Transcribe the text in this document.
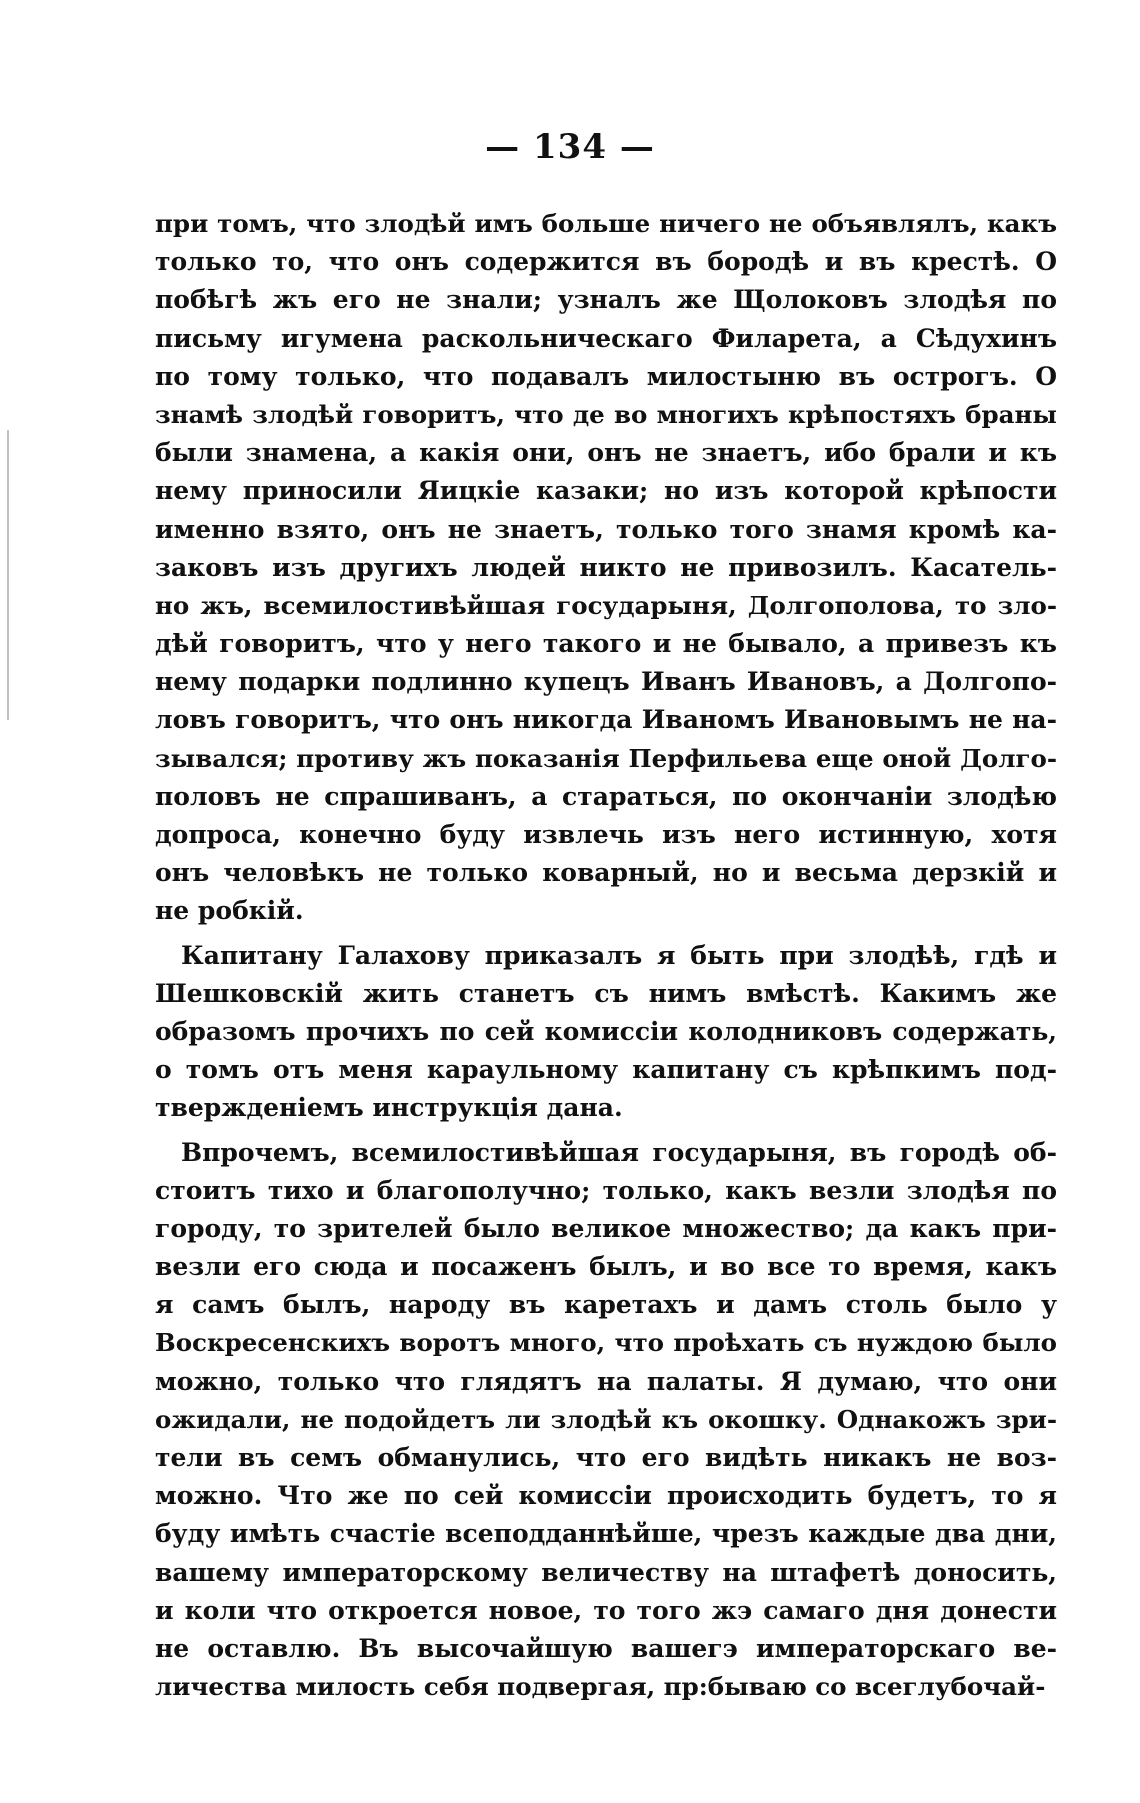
— 134 —
при томъ, что злодѣй имъ больше ничего не объявлялъ, какъ
только то, что онъ содержится въ бородѣ и въ крестѣ. О
побѣгѣ жъ его не знали; узналъ же Щолоковъ злодѣя по
письму игумена раскольническаго Филарета, а Сѣдухинъ
по тому только, что подавалъ милостыню въ острогъ. О
знамѣ злодѣй говоритъ, что де во многихъ крѣпостяхъ браны
были знамена, а какія они, онъ не знаетъ, ибо брали и къ
нему приносили Яицкіе казаки; но изъ которой крѣпости
именно взято, онъ не знаетъ, только того знамя кромѣ ка-
заковъ изъ другихъ людей никто не привозилъ. Касатель-
но жъ, всемилостивѣйшая государыня, Долгополова, то зло-
дѣй говоритъ, что у него такого и не бывало, а привезъ къ
нему подарки подлинно купецъ Иванъ Ивановъ, а Долгопо-
ловъ говоритъ, что онъ никогда Иваномъ Ивановымъ не на-
зывался; противу жъ показанія Перфильева еще оной Долго-
половъ не спрашиванъ, а стараться, по окончаніи злодѣю
допроса, конечно буду извлечь изъ него истинную, хотя
онъ человѣкъ не только коварный, но и весьма дерзкій и
не робкій.
Капитану Галахову приказалъ я быть при злодѣѣ, гдѣ и
Шешковскій жить станетъ съ нимъ вмѣстѣ. Какимъ же
образомъ прочихъ по сей комиссіи колодниковъ содержать,
о томъ отъ меня караульному капитану съ крѣпкимъ под-
твержденіемъ инструкція дана.
Впрочемъ, всемилостивѣйшая государыня, въ городѣ об-
стоитъ тихо и благополучно; только, какъ везли злодѣя по
городу, то зрителей было великое множество; да какъ при-
везли его сюда и посаженъ былъ, и во все то время, какъ
я самъ былъ, народу въ каретахъ и дамъ столь было у
Воскресенскихъ воротъ много, что проѣхать съ нуждою было
можно, только что глядятъ на палаты. Я думаю, что они
ожидали, не подойдетъ ли злодѣй къ окошку. Однакожъ зри-
тели въ семъ обманулись, что его видѣть никакъ не воз-
можно. Что же по сей комиссіи происходить будетъ, то я
буду имѣть счастіе всеподданнѣйше, чрезъ каждые два дни,
вашему императорскому величеству на штафетѣ доносить,
и коли что откроется новое, то того жэ самаго дня донести
не оставлю. Въ высочайшую вашегэ императорскаго ве-
личества милость себя подвергая, пр:бываю со всеглубочай-
